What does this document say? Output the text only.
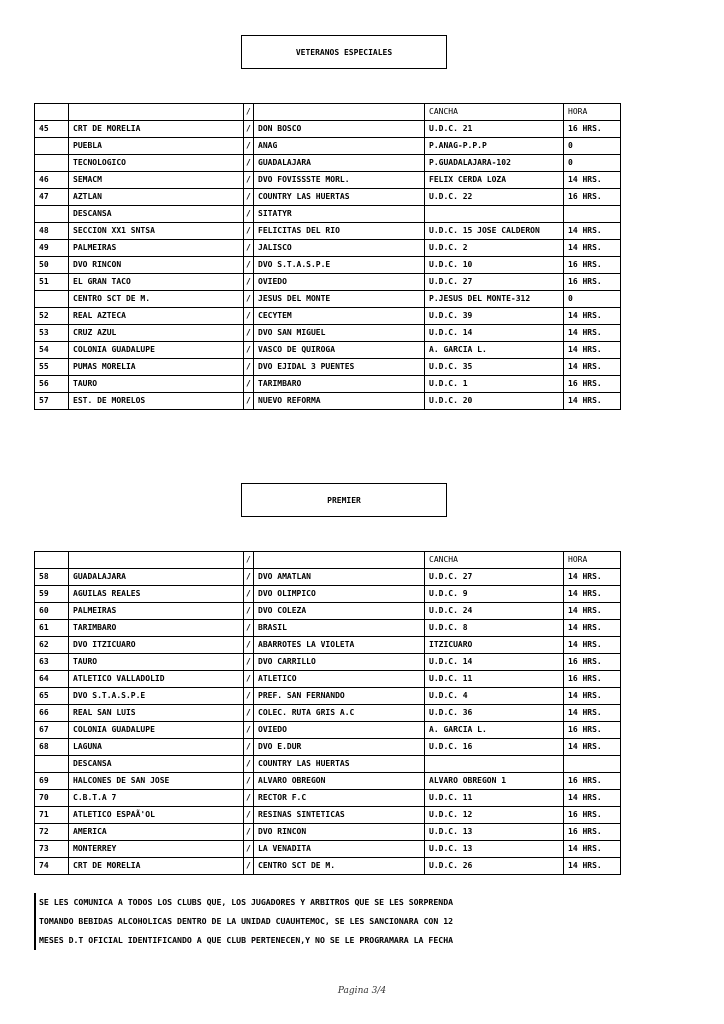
VETERANOS ESPECIALES
		/		CANCHA	HORA
45	CRT DE MORELIA	/	DON BOSCO	U.D.C. 21	16 HRS.
	PUEBLA	/	ANAG	P.ANAG-P.P.P	0
	TECNOLOGICO	/	GUADALAJARA	P.GUADALAJARA-102	0
46	SEMACM	/	DVO FOVISSSTE MORL.	FELIX CERDA LOZA	14 HRS.
47	AZTLAN	/	COUNTRY LAS HUERTAS	U.D.C. 22	16 HRS.
	DESCANSA	/	SITATYR		
48	SECCION XX1 SNTSA	/	FELICITAS DEL RIO	U.D.C. 15 JOSE CALDERON	14 HRS.
49	PALMEIRAS	/	JALISCO	U.D.C. 2	14 HRS.
50	DVO RINCON	/	DVO S.T.A.S.P.E	U.D.C. 10	16 HRS.
51	EL GRAN TACO	/	OVIEDO	U.D.C. 27	16 HRS.
	CENTRO SCT DE M.	/	JESUS DEL MONTE	P.JESUS DEL MONTE-312	0
52	REAL AZTECA	/	CECYTEM	U.D.C. 39	14 HRS.
53	CRUZ AZUL	/	DVO SAN MIGUEL	U.D.C. 14	14 HRS.
54	COLONIA GUADALUPE	/	VASCO DE QUIROGA	A. GARCIA L.	14 HRS.
55	PUMAS MORELIA	/	DVO EJIDAL 3 PUENTES	U.D.C. 35	14 HRS.
56	TAURO	/	TARIMBARO	U.D.C. 1	16 HRS.
57	EST. DE MORELOS	/	NUEVO REFORMA	U.D.C. 20	14 HRS.
PREMIER
		/		CANCHA	HORA
58	GUADALAJARA	/	DVO AMATLAN	U.D.C. 27	14 HRS.
59	AGUILAS REALES	/	DVO OLIMPICO	U.D.C. 9	14 HRS.
60	PALMEIRAS	/	DVO COLEZA	U.D.C. 24	14 HRS.
61	TARIMBARO	/	BRASIL	U.D.C. 8	14 HRS.
62	DVO ITZICUARO	/	ABARROTES LA VIOLETA	ITZICUARO	14 HRS.
63	TAURO	/	DVO CARRILLO	U.D.C. 14	16 HRS.
64	ATLETICO VALLADOLID	/	ATLETICO	U.D.C. 11	16 HRS.
65	DVO S.T.A.S.P.E	/	PREF. SAN FERNANDO	U.D.C. 4	14 HRS.
66	REAL SAN LUIS	/	COLEC. RUTA GRIS A.C	U.D.C. 36	14 HRS.
67	COLONIA GUADALUPE	/	OVIEDO	A. GARCIA L.	16 HRS.
68	LAGUNA	/	DVO E.DUR	U.D.C. 16	14 HRS.
	DESCANSA	/	COUNTRY LAS HUERTAS		
69	HALCONES DE SAN JOSE	/	ALVARO OBREGON	ALVARO OBREGON 1	16 HRS.
70	C.B.T.A 7	/	RECTOR F.C	U.D.C. 11	14 HRS.
71	ATLETICO ESPAÃ'OL	/	RESINAS SINTETICAS	U.D.C. 12	16 HRS.
72	AMERICA	/	DVO RINCON	U.D.C. 13	16 HRS.
73	MONTERREY	/	LA VENADITA	U.D.C. 13	14 HRS.
74	CRT DE MORELIA	/	CENTRO SCT DE M.	U.D.C. 26	14 HRS.
SE LES COMUNICA A TODOS LOS CLUBS QUE, LOS JUGADORES Y ARBITROS QUE SE LES SORPRENDA
TOMANDO BEBIDAS ALCOHOLICAS DENTRO DE LA UNIDAD CUAUHTEMOC, SE LES SANCIONARA CON 12
MESES D.T OFICIAL IDENTIFICANDO A QUE CLUB PERTENECEN,Y NO SE LE PROGRAMARA LA FECHA
Pagina 3/4
